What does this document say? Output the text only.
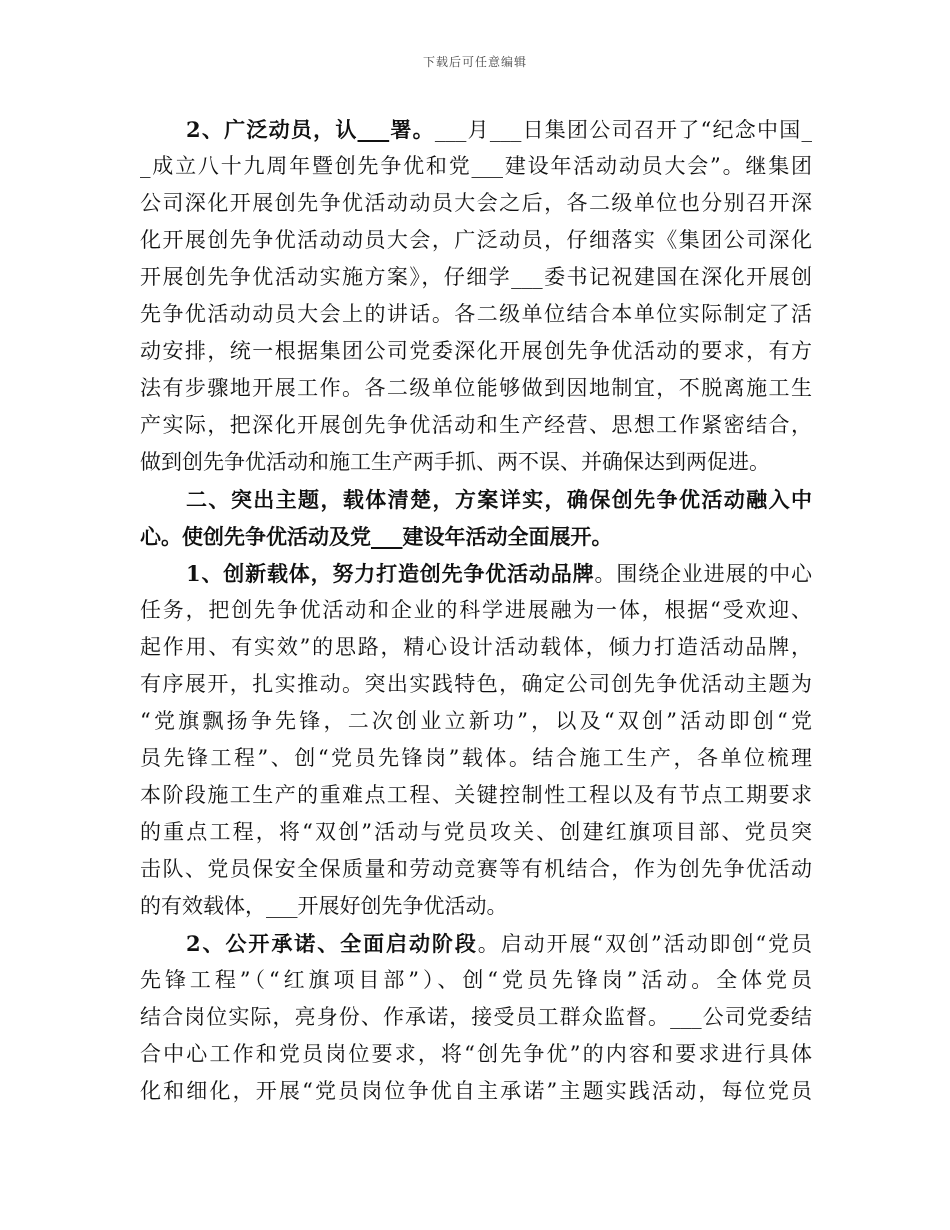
下载后可任意编辑
2、广泛动员，认___署。___月___日集团公司召开了“纪念中国_
_成立八十九周年暨创先争优和党___建设年活动动员大会”。继集团
公司深化开展创先争优活动动员大会之后，各二级单位也分别召开深
化开展创先争优活动动员大会，广泛动员，仔细落实《集团公司深化
开展创先争优活动实施方案》，仔细学___委书记祝建国在深化开展创
先争优活动动员大会上的讲话。各二级单位结合本单位实际制定了活
动安排，统一根据集团公司党委深化开展创先争优活动的要求，有方
法有步骤地开展工作。各二级单位能够做到因地制宜，不脱离施工生
产实际，把深化开展创先争优活动和生产经营、思想工作紧密结合，
做到创先争优活动和施工生产两手抓、两不误、并确保达到两促进。
二、突出主题，载体清楚，方案详实，确保创先争优活动融入中
心。使创先争优活动及党___建设年活动全面展开。
1、创新载体，努力打造创先争优活动品牌。围绕企业进展的中心
任务，把创先争优活动和企业的科学进展融为一体，根据“受欢迎、
起作用、有实效”的思路，精心设计活动载体，倾力打造活动品牌，
有序展开，扎实推动。突出实践特色，确定公司创先争优活动主题为
“党旗飘扬争先锋，二次创业立新功”，以及“双创”活动即创“党
员先锋工程”、创“党员先锋岗”载体。结合施工生产，各单位梳理
本阶段施工生产的重难点工程、关键控制性工程以及有节点工期要求
的重点工程，将“双创”活动与党员攻关、创建红旗项目部、党员突
击队、党员保安全保质量和劳动竞赛等有机结合，作为创先争优活动
的有效载体，___开展好创先争优活动。
2、公开承诺、全面启动阶段。启动开展“双创”活动即创“党员
先锋工程”（“红旗项目部”）、创“党员先锋岗”活动。全体党员
结合岗位实际，亮身份、作承诺，接受员工群众监督。___公司党委结
合中心工作和党员岗位要求，将“创先争优”的内容和要求进行具体
化和细化，开展“党员岗位争优自主承诺”主题实践活动，每位党员
